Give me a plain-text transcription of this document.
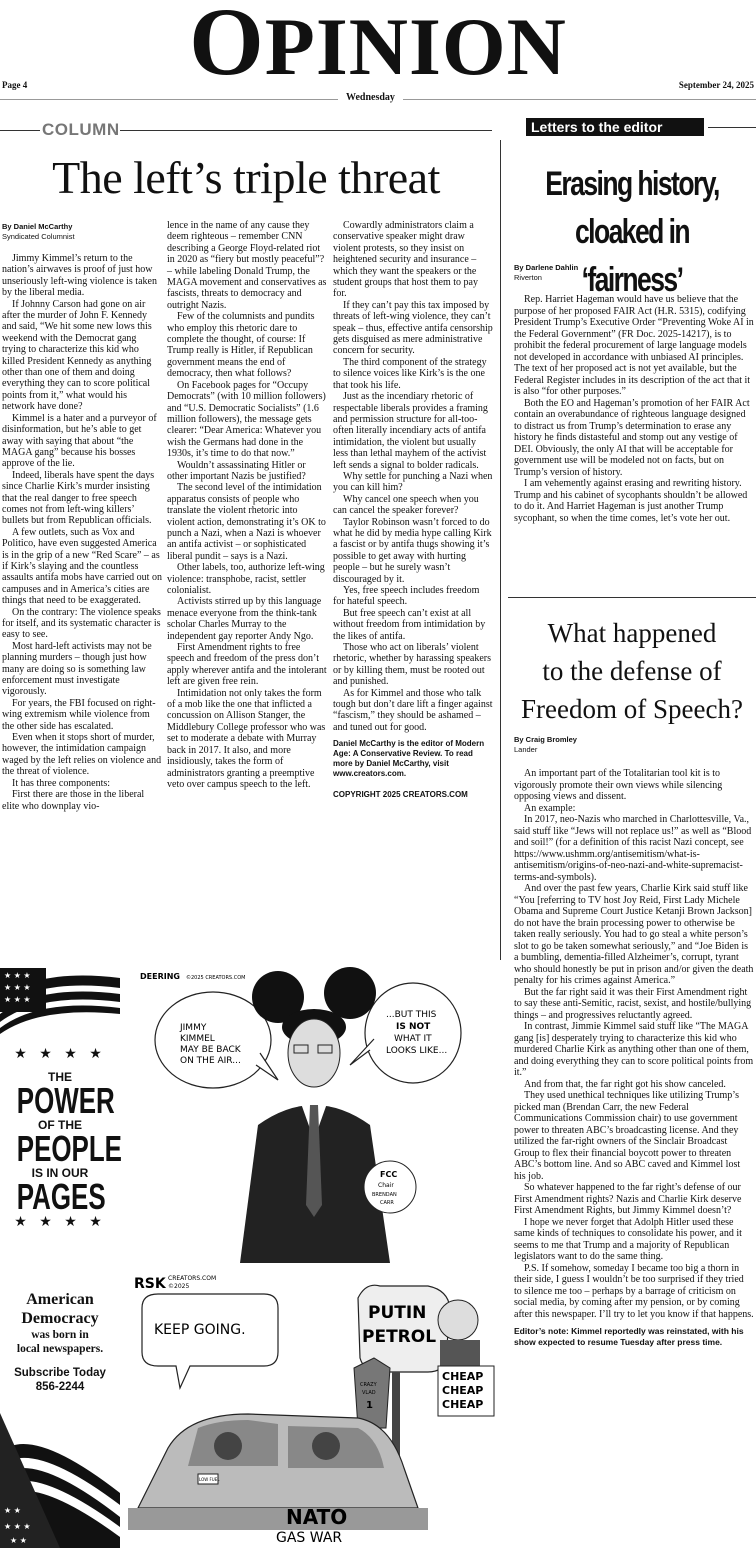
OPINION
Page 4	September 24, 2025
Wednesday
COLUMN
The left’s triple threat
By Daniel McCarthy
Syndicated Columnist

Jimmy Kimmel’s return to the nation’s airwaves is proof of just how unseriously left-wing violence is taken by the liberal media.

If Johnny Carson had gone on air after the murder of John F. Kennedy and said, “We hit some new lows this weekend with the Democrat gang trying to characterize this kid who killed President Kennedy as anything other than one of them and doing everything they can to score political points from it,” what would his network have done?

Kimmel is a hater and a purveyor of disinformation, but he’s able to get away with saying that about “the MAGA gang” because his bosses approve of the lie.

Indeed, liberals have spent the days since Charlie Kirk’s murder insisting that the real danger to free speech comes not from left-wing killers’ bullets but from Republican officials.

A few outlets, such as Vox and Politico, have even suggested America is in the grip of a new “Red Scare” – as if Kirk’s slaying and the countless assaults antifa mobs have carried out on campuses and in America’s cities are things that need to be exaggerated.

On the contrary: The violence speaks for itself, and its systematic character is easy to see.

Most hard-left activists may not be planning murders – though just how many are doing so is something law enforcement must investigate vigorously.

For years, the FBI focused on right-wing extremism while violence from the other side has escalated.

Even when it stops short of murder, however, the intimidation campaign waged by the left relies on violence and the threat of violence.

It has three components:

First there are those in the liberal elite who downplay vio-

lence in the name of any cause they deem righteous – remember CNN describing a George Floyd-related riot in 2020 as “fiery but mostly peaceful”? – while labeling Donald Trump, the MAGA movement and conservatives as fascists, threats to democracy and outright Nazis.

Few of the columnists and pundits who employ this rhetoric dare to complete the thought, of course: If Trump really is Hitler, if Republican government means the end of democracy, then what follows?

On Facebook pages for “Occupy Democrats” (with 10 million followers) and “U.S. Democratic Socialists” (1.6 million followers), the message gets clearer: “Dear America: Whatever you wish the Germans had done in the 1930s, it’s time to do that now.”

Wouldn’t assassinating Hitler or other important Nazis be justified?

The second level of the intimidation apparatus consists of people who translate the violent rhetoric into violent action, demonstrating it’s OK to punch a Nazi, when a Nazi is whoever an antifa activist – or sophisticated liberal pundit – says is a Nazi.

Other labels, too, authorize left-wing violence: transphobe, racist, settler colonialist.

Activists stirred up by this language menace everyone from the think-tank scholar Charles Murray to the independent gay reporter Andy Ngo.

First Amendment rights to free speech and freedom of the press don’t apply wherever antifa and the intolerant left are given free rein.

Intimidation not only takes the form of a mob like the one that inflicted a concussion on Allison Stanger, the Middlebury College professor who was set to moderate a debate with Murray back in 2017. It also, and more insidiously, takes the form of administrators granting a preemptive veto over campus speech to the left.

Cowardly administrators claim a conservative speaker might draw violent protests, so they insist on heightened security and insurance – which they want the speakers or the student groups that host them to pay for.

If they can’t pay this tax imposed by threats of left-wing violence, they can’t speak – thus, effective antifa censorship gets disguised as mere administrative concern for security.

The third component of the strategy to silence voices like Kirk’s is the one that took his life.

Just as the incendiary rhetoric of respectable liberals provides a framing and permission structure for all-too-often literally incendiary acts of antifa intimidation, the violent but usually less than lethal mayhem of the activist left sends a signal to bolder radicals.

Why settle for punching a Nazi when you can kill him?

Why cancel one speech when you can cancel the speaker forever?

Taylor Robinson wasn’t forced to do what he did by media hype calling Kirk a fascist or by antifa thugs showing it’s possible to get away with hurting people – but he surely wasn’t discouraged by it.

Yes, free speech includes freedom for hateful speech.

But free speech can’t exist at all without freedom from intimidation by the likes of antifa.

Those who act on liberals’ violent rhetoric, whether by harassing speakers or by killing them, must be rooted out and punished.

As for Kimmel and those who talk tough but don’t dare lift a finger against “fascism,” they should be ashamed – and tuned out for good.

Daniel McCarthy is the editor of Modern Age: A Conservative Review. To read more by Daniel McCarthy, visit www.creators.com.

COPYRIGHT 2025 CREATORS.COM

Letters to the editor
Erasing history,
cloaked in ‘fairness’
By Darlene Dahlin
Riverton

Rep. Harriet Hageman would have us believe that the purpose of her proposed FAIR Act (H.R. 5315), codifying President Trump’s Executive Order “Preventing Woke AI in the Federal Government” (FR Doc. 2025-14217), is to prohibit the federal procurement of large language models not developed in accordance with unbiased AI principles. The text of her proposed act is not yet available, but the Federal Register includes in its description of the act that it is also “for other purposes.”

Both the EO and Hageman’s promotion of her FAIR Act contain an overabundance of righteous language designed to distract us from Trump’s determination to erase any history he finds distasteful and stomp out any vestige of DEI. Obviously, the only AI that will be acceptable for government use will be modeled not on facts, but on Trump’s version of history.

I am vehemently against erasing and rewriting history. Trump and his cabinet of sycophants shouldn’t be allowed to do it. And Harriet Hageman is just another Trump sycophant, so when the time comes, let’s vote her out.

What happened
to the defense of
Freedom of Speech?
By Craig Bromley
Lander

An important part of the Totalitarian tool kit is to vigorously promote their own views while silencing opposing views and dissent.

An example:

In 2017, neo-Nazis who marched in Charlottesville, Va., said stuff like “Jews will not replace us!” as well as “Blood and soil!” (for a definition of this racist Nazi concept, see https://www.ushmm.org/antisemitism/what-is-antisemitism/origins-of-neo-nazi-and-white-supremacist-terms-and-symbols).

And over the past few years, Charlie Kirk said stuff like “You [referring to TV host Joy Reid, First Lady Michele Obama and Supreme Court Justice Ketanji Brown Jackson] do not have the brain processing power to otherwise be taken really seriously. You had to go steal a white person’s slot to go be taken somewhat seriously,” and “Joe Biden is a bumbling, dementia-filled Alzheimer’s, corrupt, tyrant who should honestly be put in prison and/or given the death penalty for his crimes against America.”

But the far right said it was their First Amendment right to say these anti-Semitic, racist, sexist, and hostile/bullying things – and progressives reluctantly agreed.

In contrast, Jimmie Kimmel said stuff like “The MAGA gang [is] desperately trying to characterize this kid who murdered Charlie Kirk as anything other than one of them, and doing everything they can to score political points from it.”

And from that, the far right got his show canceled.

They used unethical techniques like utilizing Trump’s picked man (Brendan Carr, the new Federal Communications Commission chair) to use government power to threaten ABC’s broadcasting license. And they utilized the far-right owners of the Sinclair Broadcast Group to flex their financial boycott power to threaten ABC’s bottom line. And so ABC caved and Kimmel lost his job.

So whatever happened to the far right’s defense of our First Amendment rights? Nazis and Charlie Kirk deserve First Amendment Rights, but Jimmy Kimmel doesn’t?

I hope we never forget that Adolph Hitler used these same kinds of techniques to consolidate his power, and it seems to me that Trump and a majority of Republican legislators want to do the same thing.

P.S. If somehow, someday I became too big a thorn in their side, I guess I wouldn’t be too surprised if they tried to silence me too – perhaps by a barrage of criticism on social media, by coming after my pension, or by coming after this newspaper. I’ll try to let you know if that happens.

Editor’s note: Kimmel reportedly was reinstated, with his show expected to resume Tuesday after press time.

★ ★ ★
★ ★ ★
★ ★ ★
★ ★ ★ ★
THE
POWER
OF THE
PEOPLE
IS IN OUR
PAGES
★ ★ ★ ★
American
Democracy
was born in
local newspapers.
Subscribe Today
856-2244
★ ★
★ ★ ★
★ ★
DEERING ©2025 CREATORS.COM
JIMMY
KIMMEL
MAY BE BACK
ON THE AIR...
...BUT THIS
IS NOT
WHAT IT
LOOKS LIKE...
FCC
Chair
BRENDAN
CARR
RSK CREATORS.COM
©2025
KEEP GOING.
PUTIN
PETROL
CHEAP
CHEAP
CHEAP
CRAZY
VLAD
1
LOW FUEL
NATO
GAS WAR
